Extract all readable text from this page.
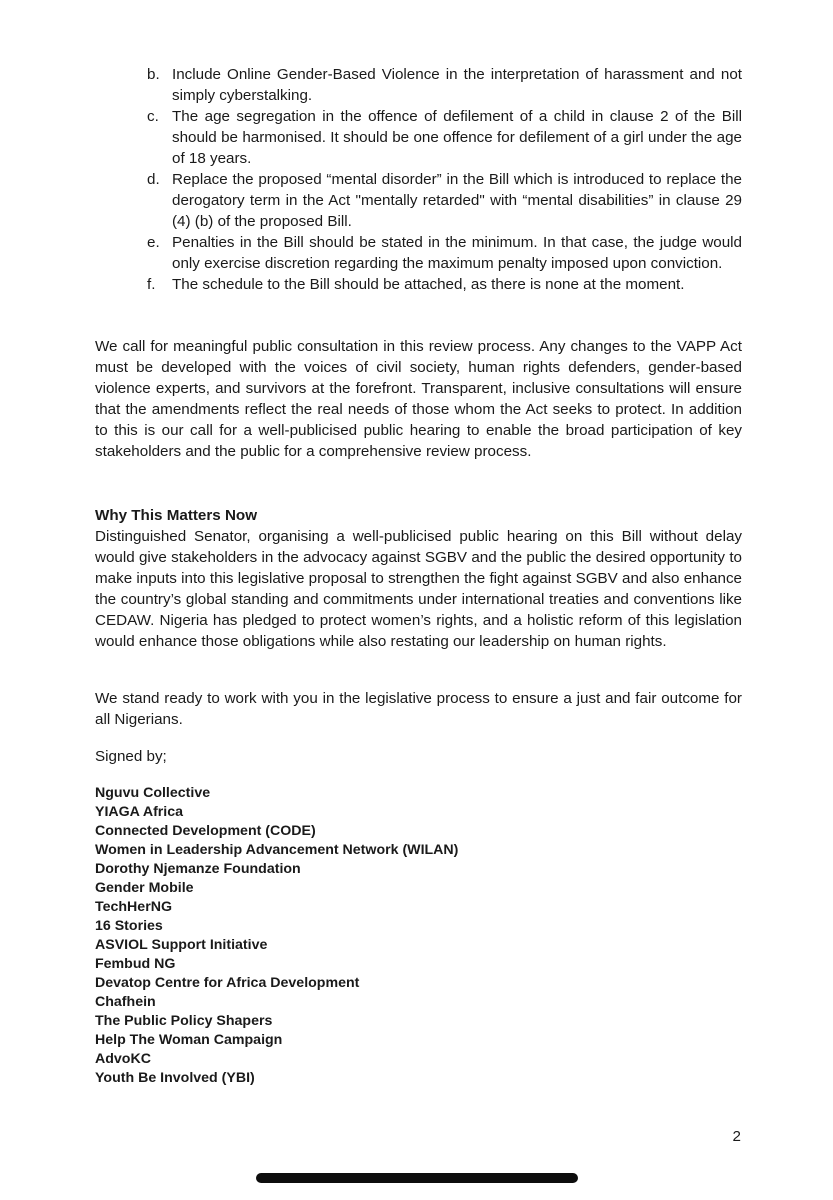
b. Include Online Gender-Based Violence in the interpretation of harassment and not simply cyberstalking.
c. The age segregation in the offence of defilement of a child in clause 2 of the Bill should be harmonised. It should be one offence for defilement of a girl under the age of 18 years.
d. Replace the proposed “mental disorder” in the Bill which is introduced to replace the derogatory term in the Act "mentally retarded" with “mental disabilities” in clause 29 (4) (b) of the proposed Bill.
e. Penalties in the Bill should be stated in the minimum. In that case, the judge would only exercise discretion regarding the maximum penalty imposed upon conviction.
f. The schedule to the Bill should be attached, as there is none at the moment.

We call for meaningful public consultation in this review process. Any changes to the VAPP Act must be developed with the voices of civil society, human rights defenders, gender-based violence experts, and survivors at the forefront. Transparent, inclusive consultations will ensure that the amendments reflect the real needs of those whom the Act seeks to protect. In addition to this is our call for a well-publicised public hearing to enable the broad participation of key stakeholders and the public for a comprehensive review process.

Why This Matters Now

Distinguished Senator, organising a well-publicised public hearing on this Bill without delay would give stakeholders in the advocacy against SGBV and the public the desired opportunity to make inputs into this legislative proposal to strengthen the fight against SGBV and also enhance the country’s global standing and commitments under international treaties and conventions like CEDAW. Nigeria has pledged to protect women’s rights, and a holistic reform of this legislation would enhance those obligations while also restating our leadership on human rights.

We stand ready to work with you in the legislative process to ensure a just and fair outcome for all Nigerians.

Signed by;

Nguvu Collective
YIAGA Africa
Connected Development (CODE)
Women in Leadership Advancement Network (WILAN)
Dorothy Njemanze Foundation
Gender Mobile
TechHerNG
16 Stories
ASVIOL Support Initiative
Fembud NG
Devatop Centre for Africa Development
Chafhein
The Public Policy Shapers
Help The Woman Campaign
AdvoKC
Youth Be Involved (YBI)
2
